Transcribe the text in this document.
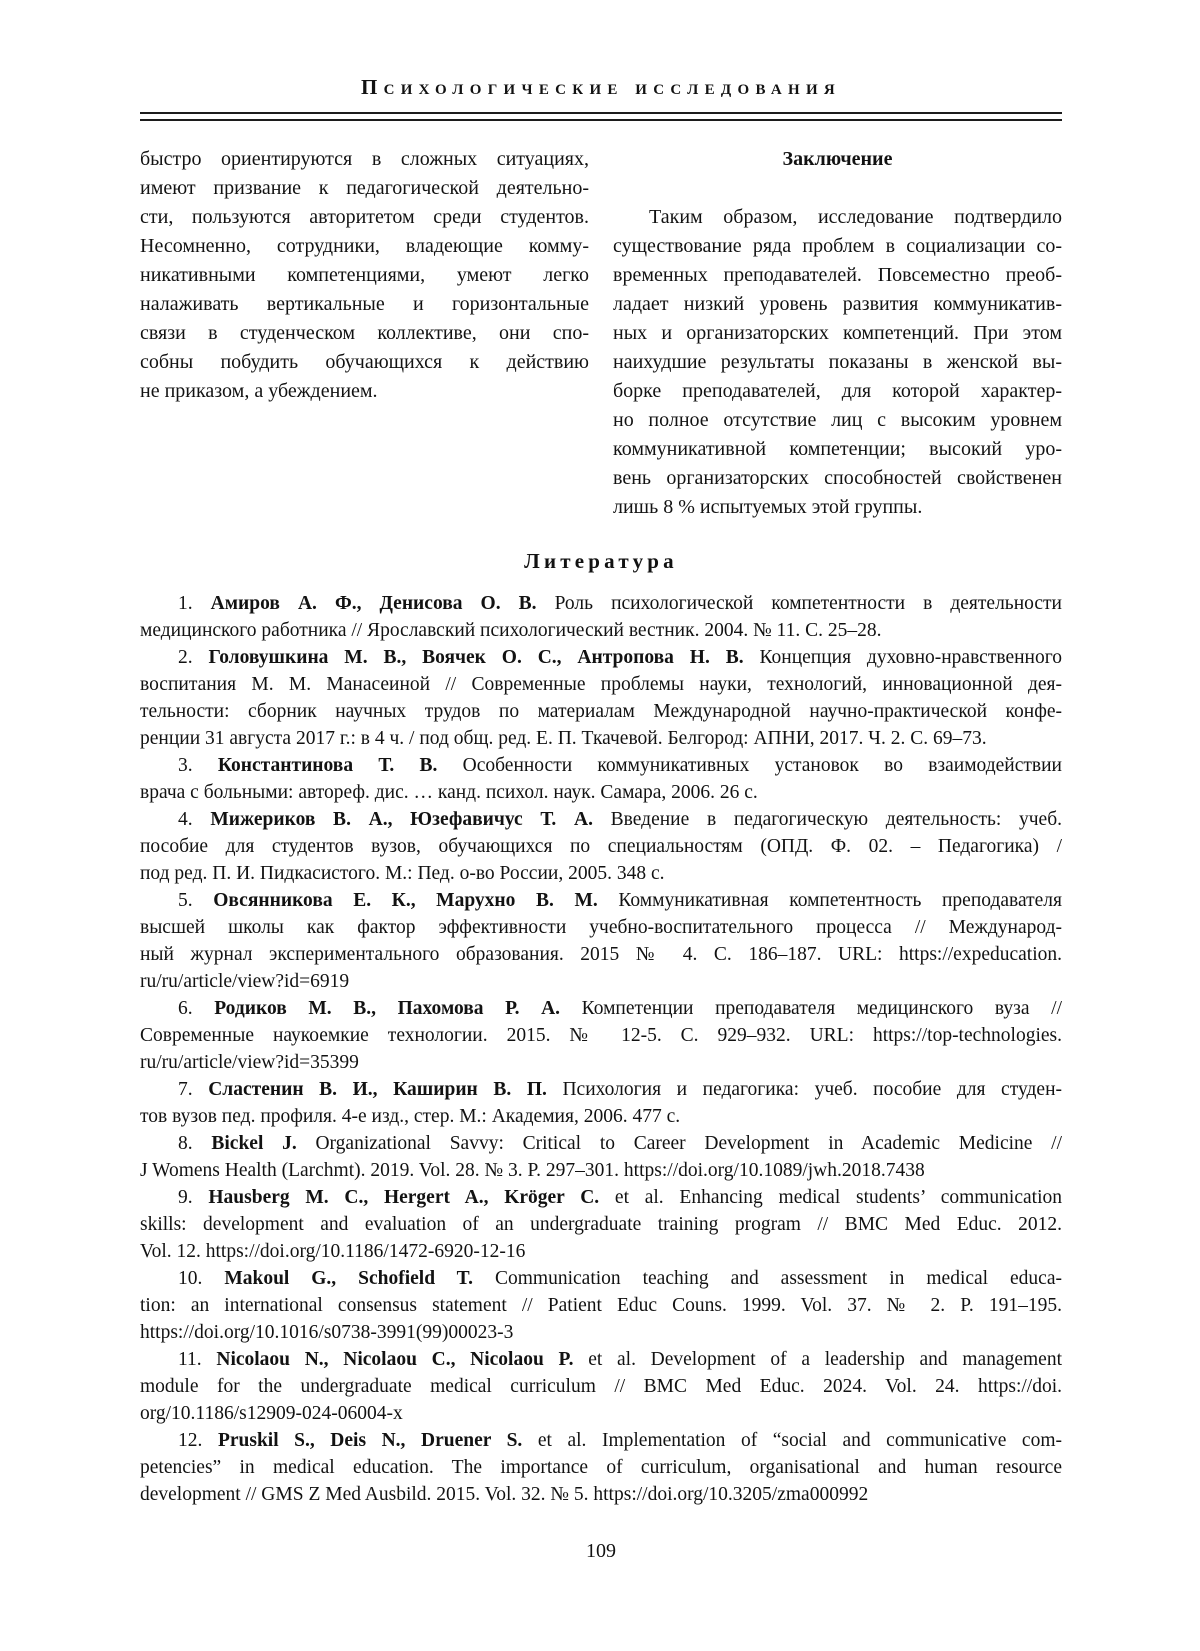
Психологические исследования
быстро ориентируются в сложных ситуациях,
имеют призвание к педагогической деятельно-
сти, пользуются авторитетом среди студентов.
Несомненно, сотрудники, владеющие комму-
никативными компетенциями, умеют легко
налаживать вертикальные и горизонтальные
связи в студенческом коллективе, они спо-
собны побудить обучающихся к действию
не приказом, а убеждением.
Заключение
Таким образом, исследование подтвердило
существование ряда проблем в социализации со-
временных преподавателей. Повсеместно преоб-
ладает низкий уровень развития коммуникатив-
ных и организаторских компетенций. При этом
наихудшие результаты показаны в женской вы-
борке преподавателей, для которой характер-
но полное отсутствие лиц с высоким уровнем
коммуникативной компетенции; высокий уро-
вень организаторских способностей свойственен
лишь 8 % испытуемых этой группы.
Литература
1. Амиров А. Ф., Денисова О. В. Роль психологической компетентности в деятельности
медицинского работника // Ярославский психологический вестник. 2004. № 11. С. 25–28.
2. Головушкина М. В., Воячек О. С., Антропова Н. В. Концепция духовно-нравственного
воспитания М. М. Манасеиной // Современные проблемы науки, технологий, инновационной дея-
тельности: сборник научных трудов по материалам Международной научно-практической конфе-
ренции 31 августа 2017 г.: в 4 ч. / под общ. ред. Е. П. Ткачевой. Белгород: АПНИ, 2017. Ч. 2. С. 69–73.
3. Константинова Т. В. Особенности коммуникативных установок во взаимодействии
врача с больными: автореф. дис. … канд. психол. наук. Самара, 2006. 26 с.
4. Мижериков В. А., Юзефавичус Т. А. Введение в педагогическую деятельность: учеб.
пособие для студентов вузов, обучающихся по специальностям (ОПД. Ф. 02. – Педагогика) /
под ред. П. И. Пидкасистого. М.: Пед. о-во России, 2005. 348 с.
5. Овсянникова Е. К., Марухно В. М. Коммуникативная компетентность преподавателя
высшей школы как фактор эффективности учебно-воспитательного процесса // Международ-
ный журнал экспериментального образования. 2015 № 4. С. 186–187. URL: https://expeducation.
ru/ru/article/view?id=6919
6. Родиков М. В., Пахомова Р. А. Компетенции преподавателя медицинского вуза //
Современные наукоемкие технологии. 2015. № 12-5. С. 929–932. URL: https://top-technologies.
ru/ru/article/view?id=35399
7. Сластенин В. И., Каширин В. П. Психология и педагогика: учеб. пособие для студен-
тов вузов пед. профиля. 4-е изд., стер. М.: Академия, 2006. 477 с.
8. Bickel J. Organizational Savvy: Critical to Career Development in Academic Medicine //
J Womens Health (Larchmt). 2019. Vol. 28. № 3. P. 297–301. https://doi.org/10.1089/jwh.2018.7438
9. Hausberg M. C., Hergert A., Kröger C. et al. Enhancing medical students’ communication
skills: development and evaluation of an undergraduate training program // BMC Med Educ. 2012.
Vol. 12. https://doi.org/10.1186/1472-6920-12-16
10. Makoul G., Schofield T. Communication teaching and assessment in medical educa-
tion: an international consensus statement // Patient Educ Couns. 1999. Vol. 37. № 2. P. 191–195.
https://doi.org/10.1016/s0738-3991(99)00023-3
11. Nicolaou N., Nicolaou C., Nicolaou P. et al. Development of a leadership and management
module for the undergraduate medical curriculum // BMC Med Educ. 2024. Vol. 24. https://doi.
org/10.1186/s12909-024-06004-x
12. Pruskil S., Deis N., Druener S. et al. Implementation of “social and communicative com-
petencies” in medical education. The importance of curriculum, organisational and human resource
development // GMS Z Med Ausbild. 2015. Vol. 32. № 5. https://doi.org/10.3205/zma000992
109
